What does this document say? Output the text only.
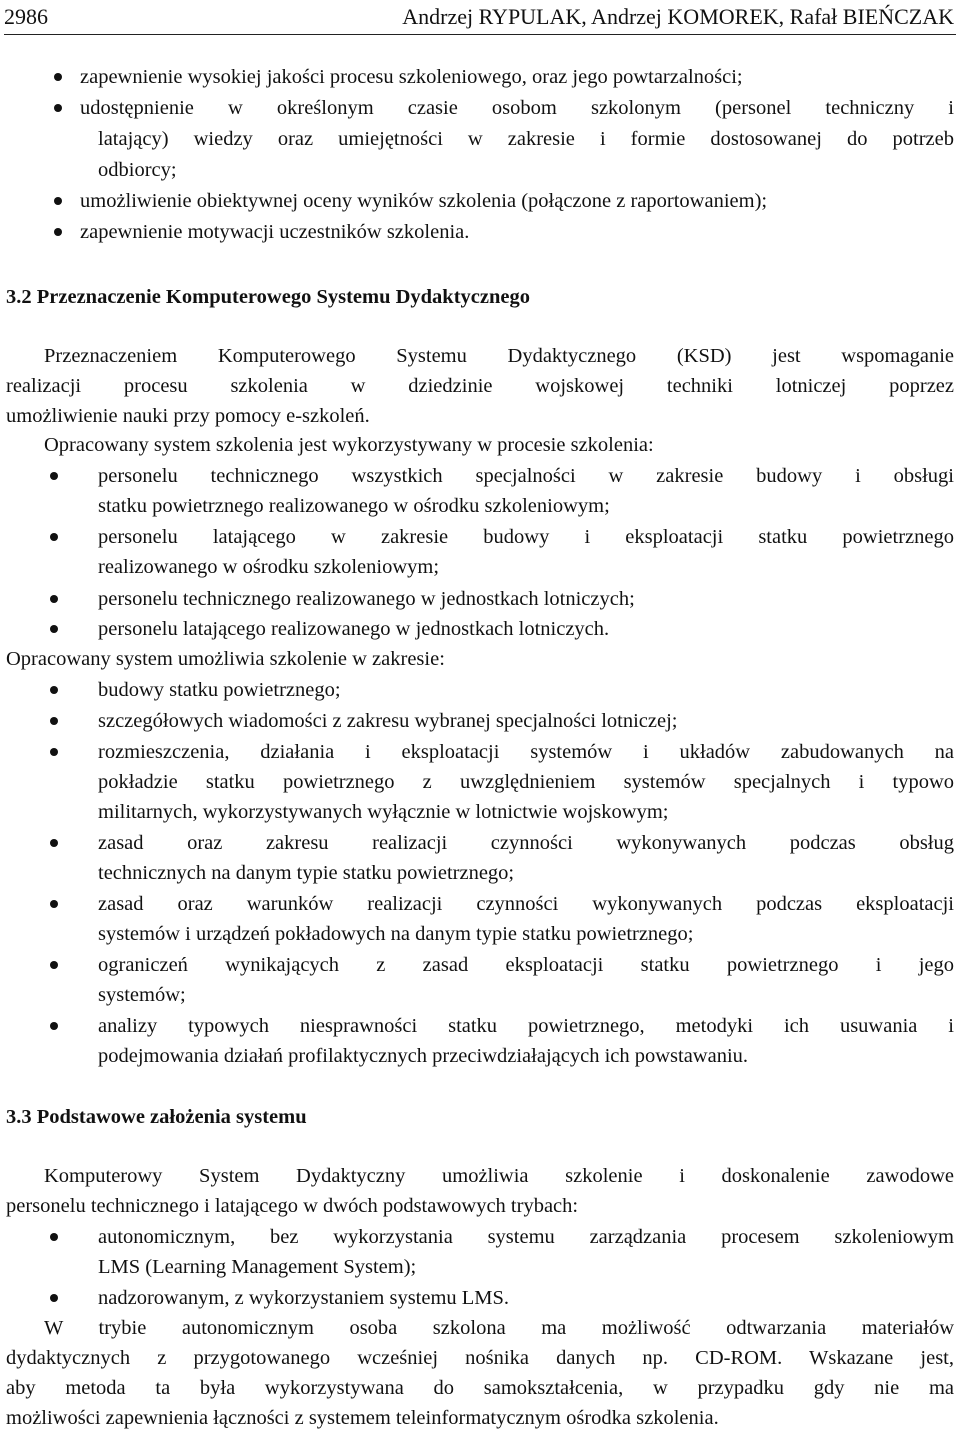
2986	Andrzej RYPULAK, Andrzej KOMOREK, Rafał BIEŃCZAK
zapewnienie wysokiej jakości procesu szkoleniowego, oraz jego powtarzalności;
udostępnienie w określonym czasie osobom szkolonym (personel techniczny i
latający) wiedzy oraz umiejętności w zakresie i formie dostosowanej do potrzeb
odbiorcy;
umożliwienie obiektywnej oceny wyników szkolenia (połączone z raportowaniem);
zapewnienie motywacji uczestników szkolenia.
3.2 Przeznaczenie Komputerowego Systemu Dydaktycznego
Przeznaczeniem Komputerowego Systemu Dydaktycznego (KSD) jest wspomaganie
realizacji procesu szkolenia w dziedzinie wojskowej techniki lotniczej poprzez
umożliwienie nauki przy pomocy e-szkoleń.
Opracowany system szkolenia jest wykorzystywany w procesie szkolenia:
personelu technicznego wszystkich specjalności w zakresie budowy i obsługi
statku powietrznego realizowanego w ośrodku szkoleniowym;
personelu latającego w zakresie budowy i eksploatacji statku powietrznego
realizowanego w ośrodku szkoleniowym;
personelu technicznego realizowanego w jednostkach lotniczych;
personelu latającego realizowanego w jednostkach lotniczych.
Opracowany system umożliwia szkolenie w zakresie:
budowy statku powietrznego;
szczegółowych wiadomości z zakresu wybranej specjalności lotniczej;
rozmieszczenia, działania i eksploatacji systemów i układów zabudowanych na
pokładzie statku powietrznego z uwzględnieniem systemów specjalnych i typowo
militarnych, wykorzystywanych wyłącznie w lotnictwie wojskowym;
zasad oraz zakresu realizacji czynności wykonywanych podczas obsług
technicznych na danym typie statku powietrznego;
zasad oraz warunków realizacji czynności wykonywanych podczas eksploatacji
systemów i urządzeń pokładowych na danym typie statku powietrznego;
ograniczeń wynikających z zasad eksploatacji statku powietrznego i jego
systemów;
analizy typowych niesprawności statku powietrznego, metodyki ich usuwania i
podejmowania działań profilaktycznych przeciwdziałających ich powstawaniu.
3.3 Podstawowe założenia systemu
Komputerowy System Dydaktyczny umożliwia szkolenie i doskonalenie zawodowe
personelu technicznego i latającego w dwóch podstawowych trybach:
autonomicznym, bez wykorzystania systemu zarządzania procesem szkoleniowym
LMS (Learning Management System);
nadzorowanym, z wykorzystaniem systemu LMS.
W trybie autonomicznym osoba szkolona ma możliwość odtwarzania materiałów
dydaktycznych z przygotowanego wcześniej nośnika danych np. CD-ROM. Wskazane jest,
aby metoda ta była wykorzystywana do samokształcenia, w przypadku gdy nie ma
możliwości zapewnienia łączności z systemem teleinformatycznym ośrodka szkolenia.
